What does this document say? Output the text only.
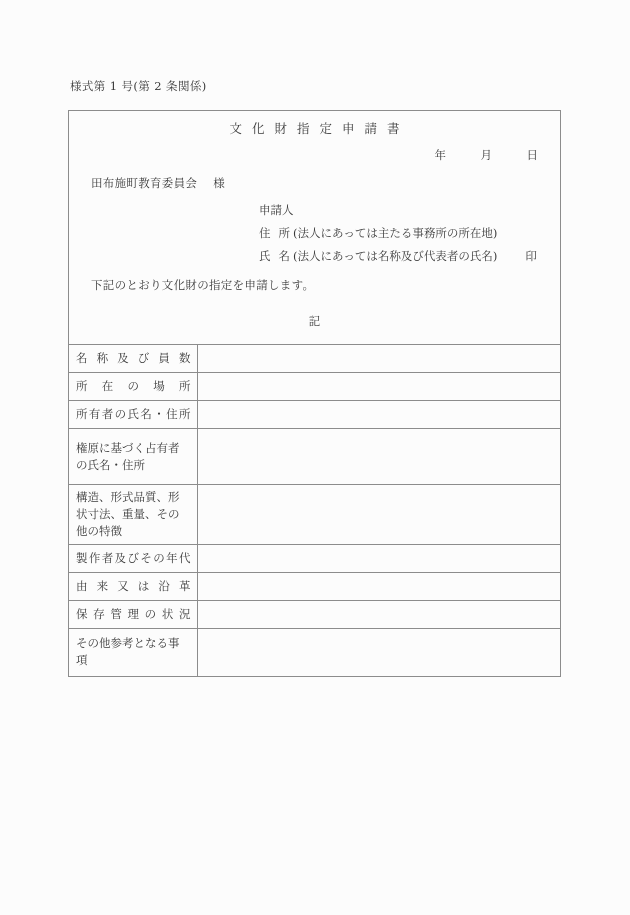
様式第 1 号(第 2 条関係)
文化財指定申請書
年	月	日
田布施町教育委員会 様
申請人
住所(法人にあっては主たる事務所の所在地)
氏名(法人にあっては名称及び代表者の氏名) 印
下記のとおり文化財の指定を申請します。
記
名称及び員数	

所在の場所	

所有者の氏名・住所	

権原に基づく占有者の氏名・住所	

構造、形式品質、形状寸法、重量、その他の特徴	

製作者及びその年代	

由来又は沿革	

保存管理の状況	

その他参考となる事項	
